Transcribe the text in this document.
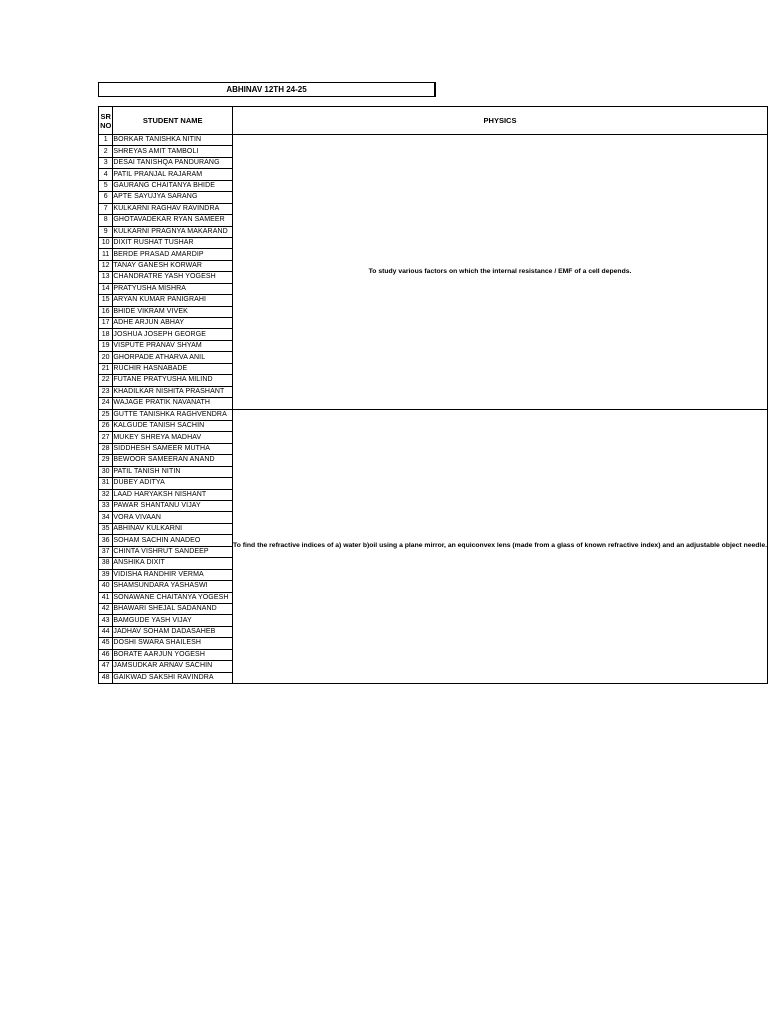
ABHINAV 12TH 24-25
SR NO	STUDENT NAME	PHYSICS
1	BORKAR TANISHKA NITIN	To study various factors on which the internal resistance / EMF of a cell depends.
2	SHREYAS AMIT TAMBOLI	
3	DESAI TANISHQA PANDURANG	
4	PATIL PRANJAL RAJARAM	
5	GAURANG CHAITANYA BHIDE	
6	APTE SAYUJYA SARANG	
7	KULKARNI RAGHAV RAVINDRA	
8	GHOTAVADEKAR RYAN SAMEER	
9	KULKARNI PRAGNYA MAKARAND	
10	DIXIT RUSHAT TUSHAR	
11	BERDE PRASAD AMARDIP	
12	TANAY GANESH KORWAR	
13	CHANDRATRE YASH YOGESH	
14	PRATYUSHA MISHRA	
15	ARYAN KUMAR PANIGRAHI	
16	BHIDE VIKRAM VIVEK	
17	ADHE ARJUN ABHAY	
18	JOSHUA JOSEPH GEORGE	
19	VISPUTE PRANAV SHYAM	
20	GHORPADE ATHARVA ANIL	
21	RUCHIR HASNABADE	
22	FUTANE PRATYUSHA MILIND	
23	KHADILKAR NISHITA PRASHANT	
24	WAJAGE PRATIK NAVANATH	
25	GUTTE TANISHKA RAGHVENDRA	To find the refractive indices of a) water b)oil using a plane mirror, an equiconvex lens (made from a glass of known refractive index) and an adjustable object needle.
26	KALGUDE TANISH SACHIN	
27	MUKEY SHREYA MADHAV	
28	SIDDHESH SAMEER MUTHA	
29	BEWOOR SAMEERAN ANAND	
30	PATIL TANISH NITIN	
31	DUBEY ADITYA	
32	LAAD HARYAKSH NISHANT	
33	PAWAR SHANTANU VIJAY	
34	VORA VIVAAN	
35	ABHINAV KULKARNI	
36	SOHAM SACHIN ANADEO	
37	CHINTA VISHRUT SANDEEP	
38	ANSHIKA DIXIT	
39	VIDISHA RANDHIR VERMA	
40	SHAMSUNDARA YASHASWI	
41	SONAWANE CHAITANYA YOGESH	
42	BHAWARI SHEJAL SADANAND	
43	BAMGUDE YASH VIJAY	
44	JADHAV SOHAM DADASAHEB	
45	DOSHI SWARA SHAILESH	
46	BORATE AARJUN YOGESH	
47	JAMSUDKAR ARNAV SACHIN	
48	GAIKWAD SAKSHI RAVINDRA	
